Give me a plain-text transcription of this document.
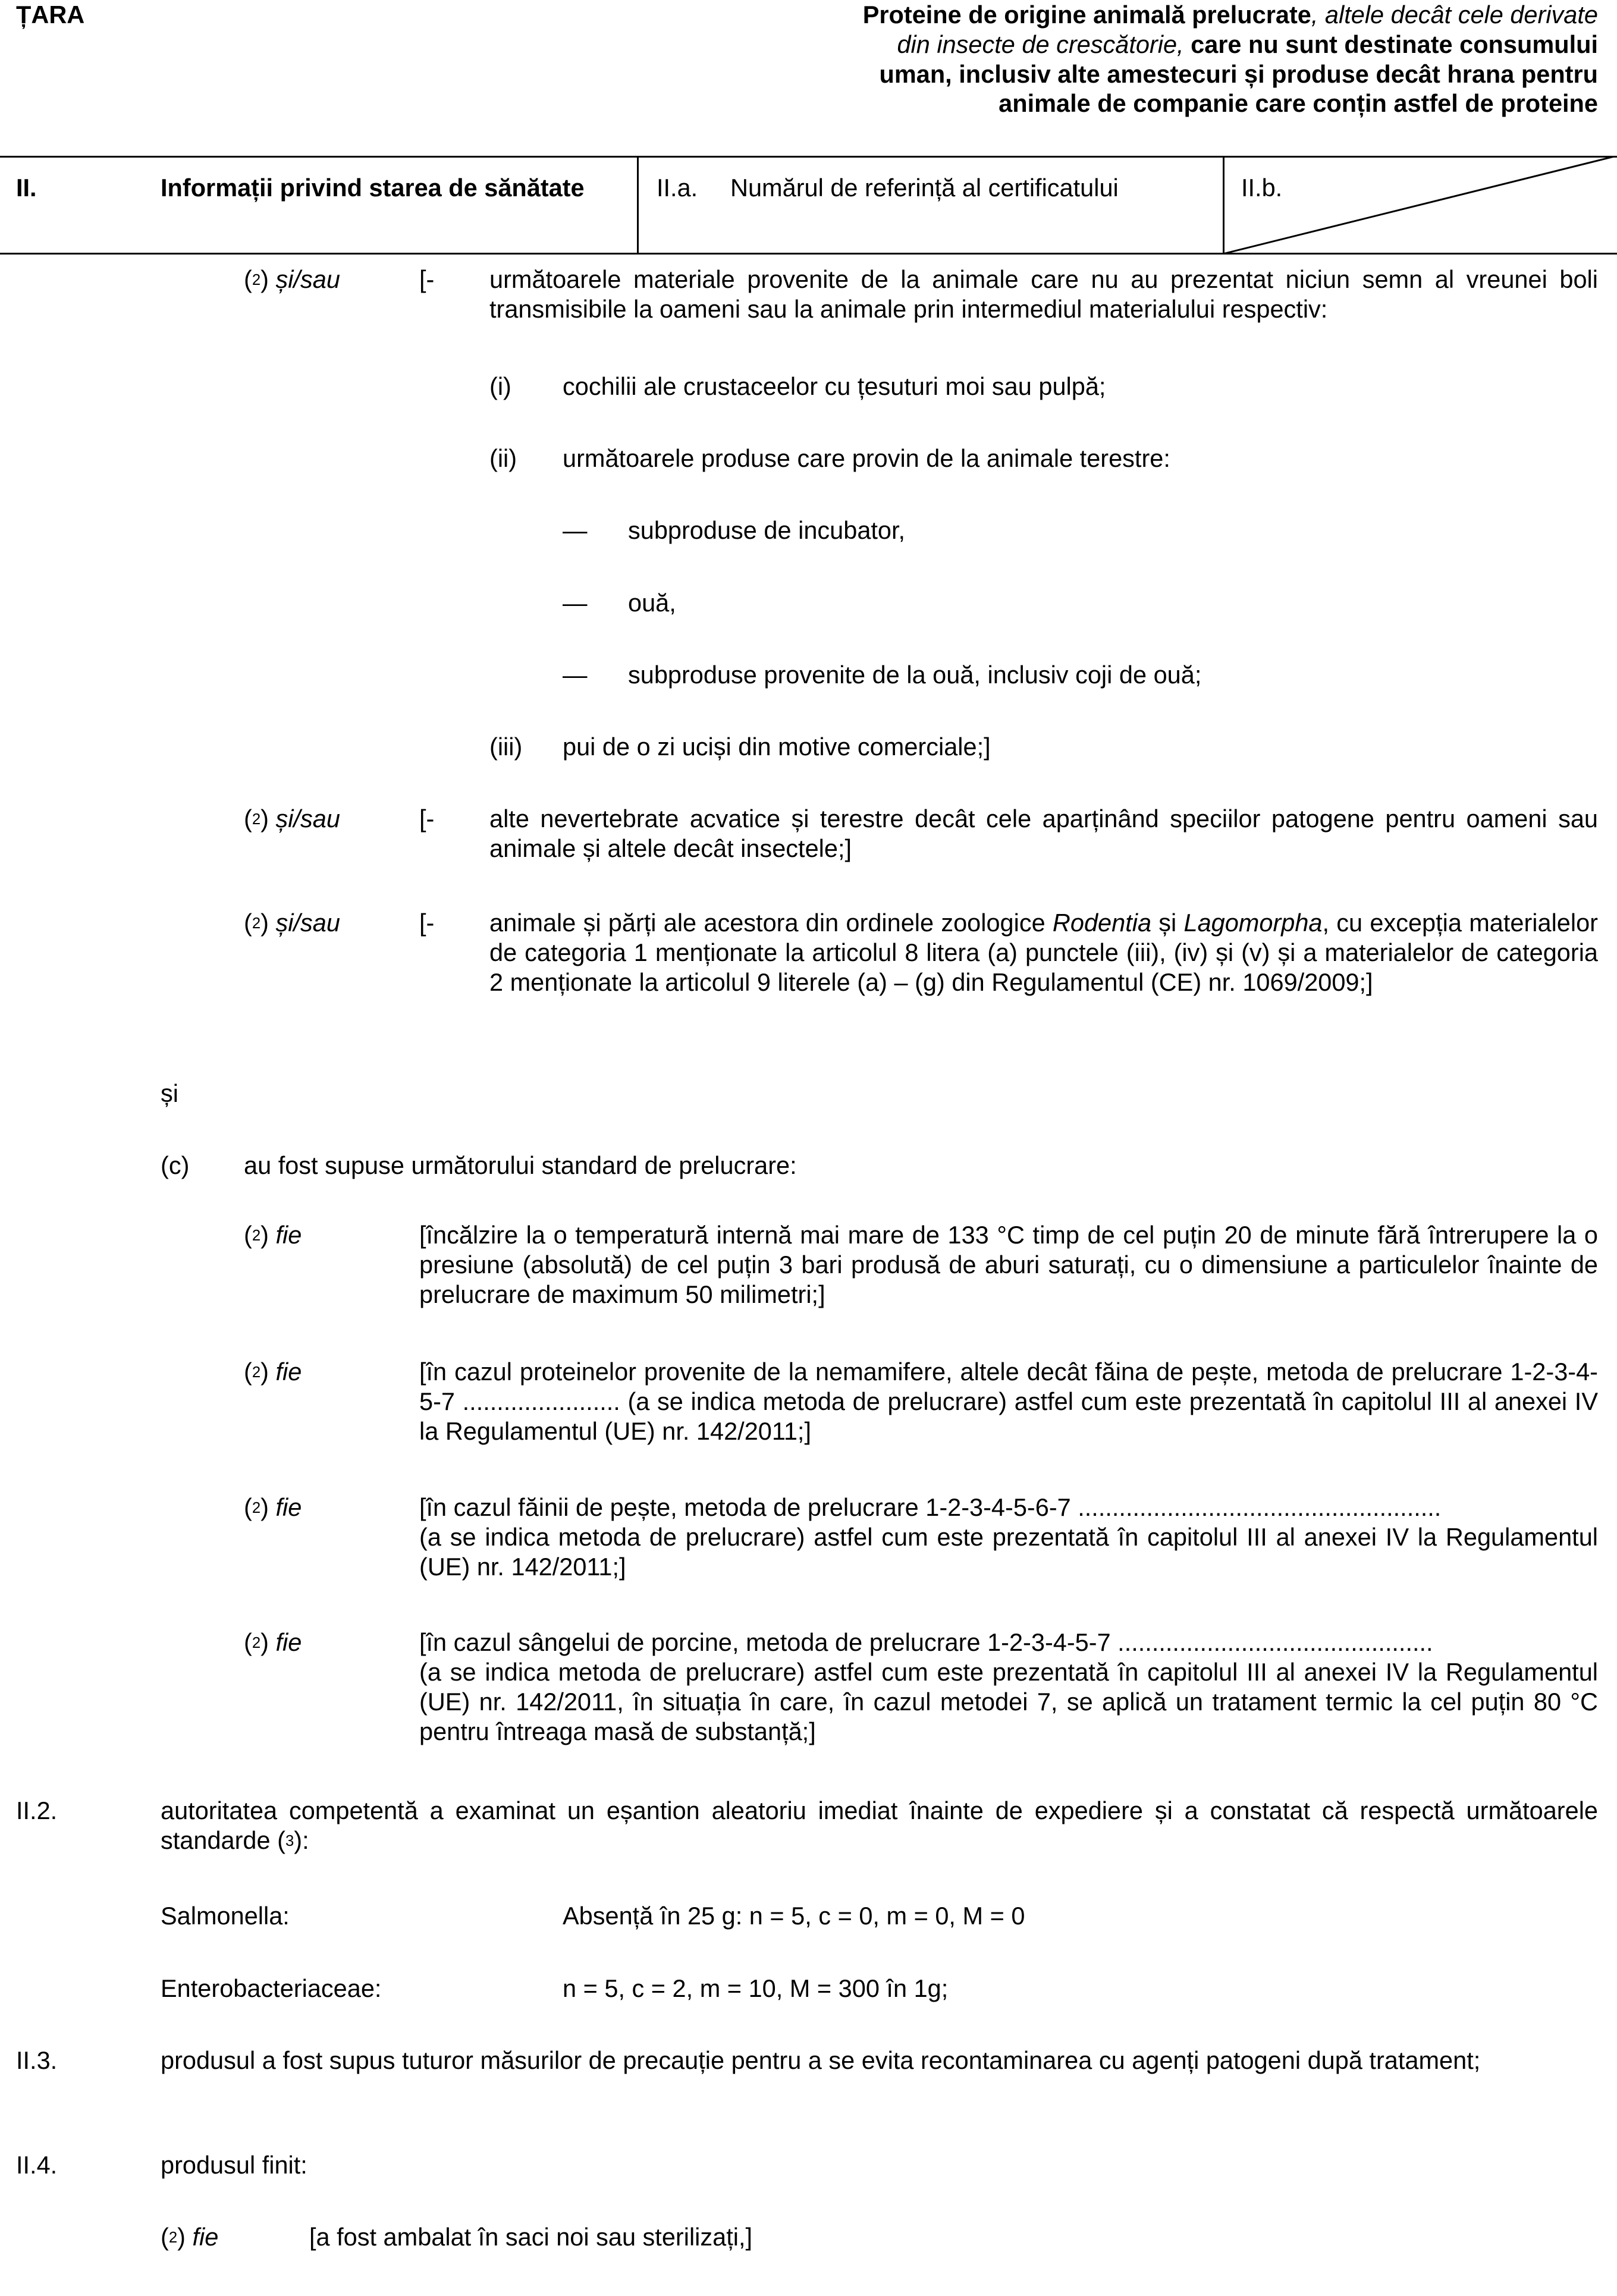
ȚARA	Proteine de origine animală prelucrate, altele decât cele derivate din insecte de crescătorie, care nu sunt destinate consumului uman, inclusiv alte amestecuri și produse decât hrana pentru animale de companie care conțin astfel de proteine
II.	Informații privind starea de sănătate	II.a. Numărul de referință al certificatului	II.b.
($^2$) și/sau	[- următoarele materiale provenite de la animale care nu au prezentat niciun semn al vreunei boli transmisibile la oameni sau la animale prin intermediul materialului respectiv:
(i) cochilii ale crustaceelor cu țesuturi moi sau pulpă;
(ii) următoarele produse care provin de la animale terestre:
— subproduse de incubator,
— ouă,
— subproduse provenite de la ouă, inclusiv coji de ouă;
(iii) pui de o zi uciși din motive comerciale;]
($^2$) și/sau	[- alte nevertebrate acvatice și terestre decât cele aparținând speciilor patogene pentru oameni sau animale și altele decât insectele;]
($^2$) și/sau	[- animale și părți ale acestora din ordinele zoologice Rodentia și Lagomorpha, cu excepția materialelor de categoria 1 menționate la articolul 8 litera (a) punctele (iii), (iv) și (v) și a materialelor de categoria 2 menționate la articolul 9 literele (a) – (g) din Regulamentul (CE) nr. 1069/2009;]
și
(c) au fost supuse următorului standard de prelucrare:
($^2$) fie	[încălzire la o temperatură internă mai mare de 133 °C timp de cel puțin 20 de minute fără întrerupere la o presiune (absolută) de cel puțin 3 bari produsă de aburi saturați, cu o dimensiune a particulelor înainte de prelucrare de maximum 50 milimetri;]
($^2$) fie	[în cazul proteinelor provenite de la nemamifere, altele decât făina de pește, metoda de prelucrare 1-2-3-4-5-7 ....................... (a se indica metoda de prelucrare) astfel cum este prezentată în capitolul III al anexei IV la Regulamentul (UE) nr. 142/2011;]
($^2$) fie	[în cazul făinii de pește, metoda de prelucrare 1-2-3-4-5-6-7 .....................................................
(a se indica metoda de prelucrare) astfel cum este prezentată în capitolul III al anexei IV la Regulamentul (UE) nr. 142/2011;]
($^2$) fie	[în cazul sângelui de porcine, metoda de prelucrare 1-2-3-4-5-7 ..............................................
(a se indica metoda de prelucrare) astfel cum este prezentată în capitolul III al anexei IV la Regulamentul (UE) nr. 142/2011, în situația în care, în cazul metodei 7, se aplică un tratament termic la cel puțin 80 °C pentru întreaga masă de substanță;]
II.2.	autoritatea competentă a examinat un eșantion aleatoriu imediat înainte de expediere și a constatat că respectă următoarele standarde ($^3$):
Salmonella:	Absență în 25 g: n = 5, c = 0, m = 0, M = 0
Enterobacteriaceae:	n = 5, c = 2, m = 10, M = 300 în 1g;
II.3.	produsul a fost supus tuturor măsurilor de precauție pentru a se evita recontaminarea cu agenți patogeni după tratament;
II.4.	produsul finit:
($^2$) fie	[a fost ambalat în saci noi sau sterilizați,]
